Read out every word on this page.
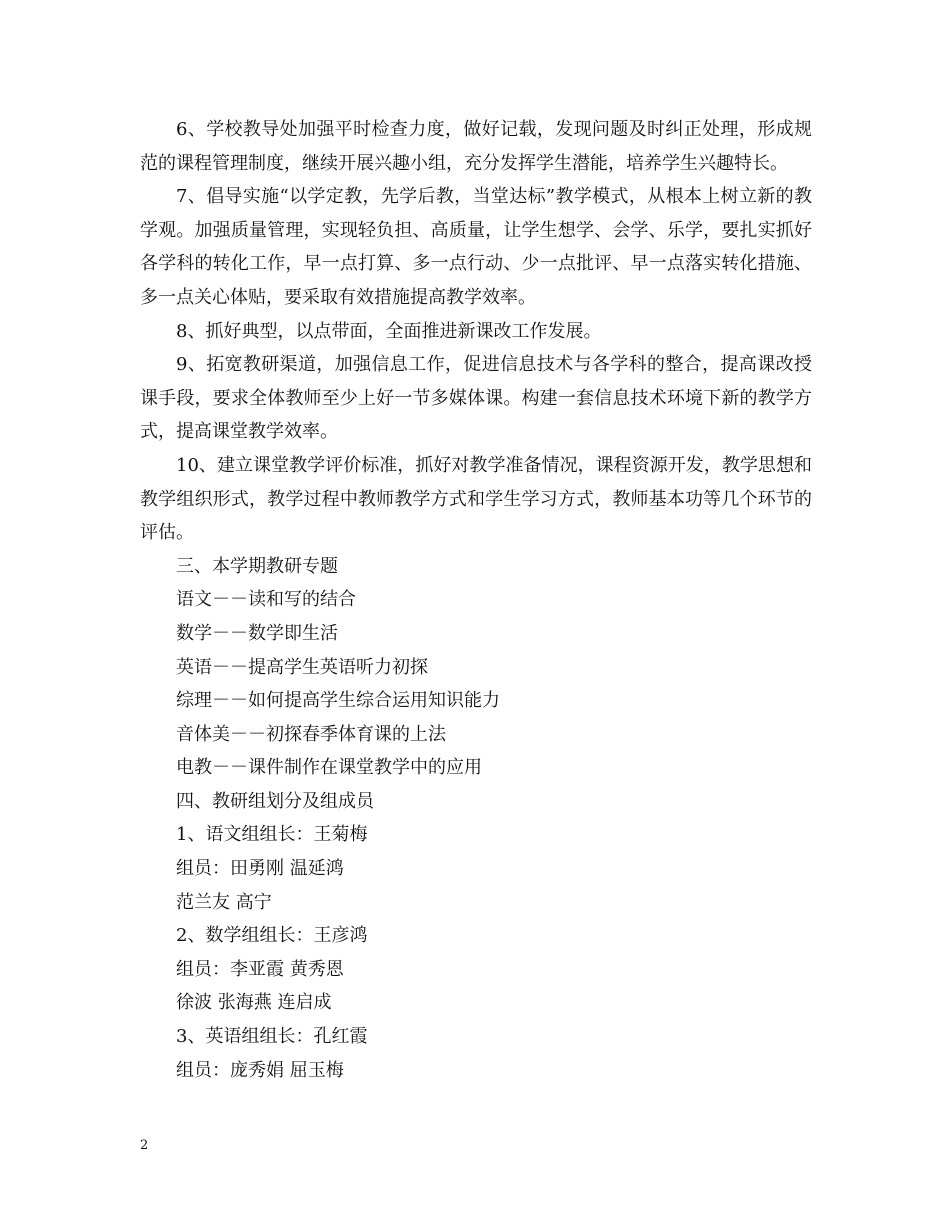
6、学校教导处加强平时检查力度，做好记载，发现问题及时纠正处理，形成规范的课程管理制度，继续开展兴趣小组，充分发挥学生潜能，培养学生兴趣特长。

7、倡导实施“以学定教，先学后教，当堂达标”教学模式，从根本上树立新的教学观。加强质量管理，实现轻负担、高质量，让学生想学、会学、乐学，要扎实抓好各学科的转化工作，早一点打算、多一点行动、少一点批评、早一点落实转化措施、多一点关心体贴，要采取有效措施提高教学效率。

8、抓好典型，以点带面，全面推进新课改工作发展。

9、拓宽教研渠道，加强信息工作，促进信息技术与各学科的整合，提高课改授课手段，要求全体教师至少上好一节多媒体课。构建一套信息技术环境下新的教学方式，提高课堂教学效率。

10、建立课堂教学评价标准，抓好对教学准备情况，课程资源开发，教学思想和教学组织形式，教学过程中教师教学方式和学生学习方式，教师基本功等几个环节的评估。

三、本学期教研专题
语文－－读和写的结合
数学－－数学即生活
英语－－提高学生英语听力初探
综理－－如何提高学生综合运用知识能力
音体美－－初探春季体育课的上法
电教－－课件制作在课堂教学中的应用
四、教研组划分及组成员
1、语文组组长：王菊梅
组员：田勇刚 温延鸿
范兰友 高宁
2、数学组组长：王彦鸿
组员：李亚霞 黄秀恩
徐波 张海燕 连启成
3、英语组组长：孔红霞
组员：庞秀娟 屈玉梅
2
